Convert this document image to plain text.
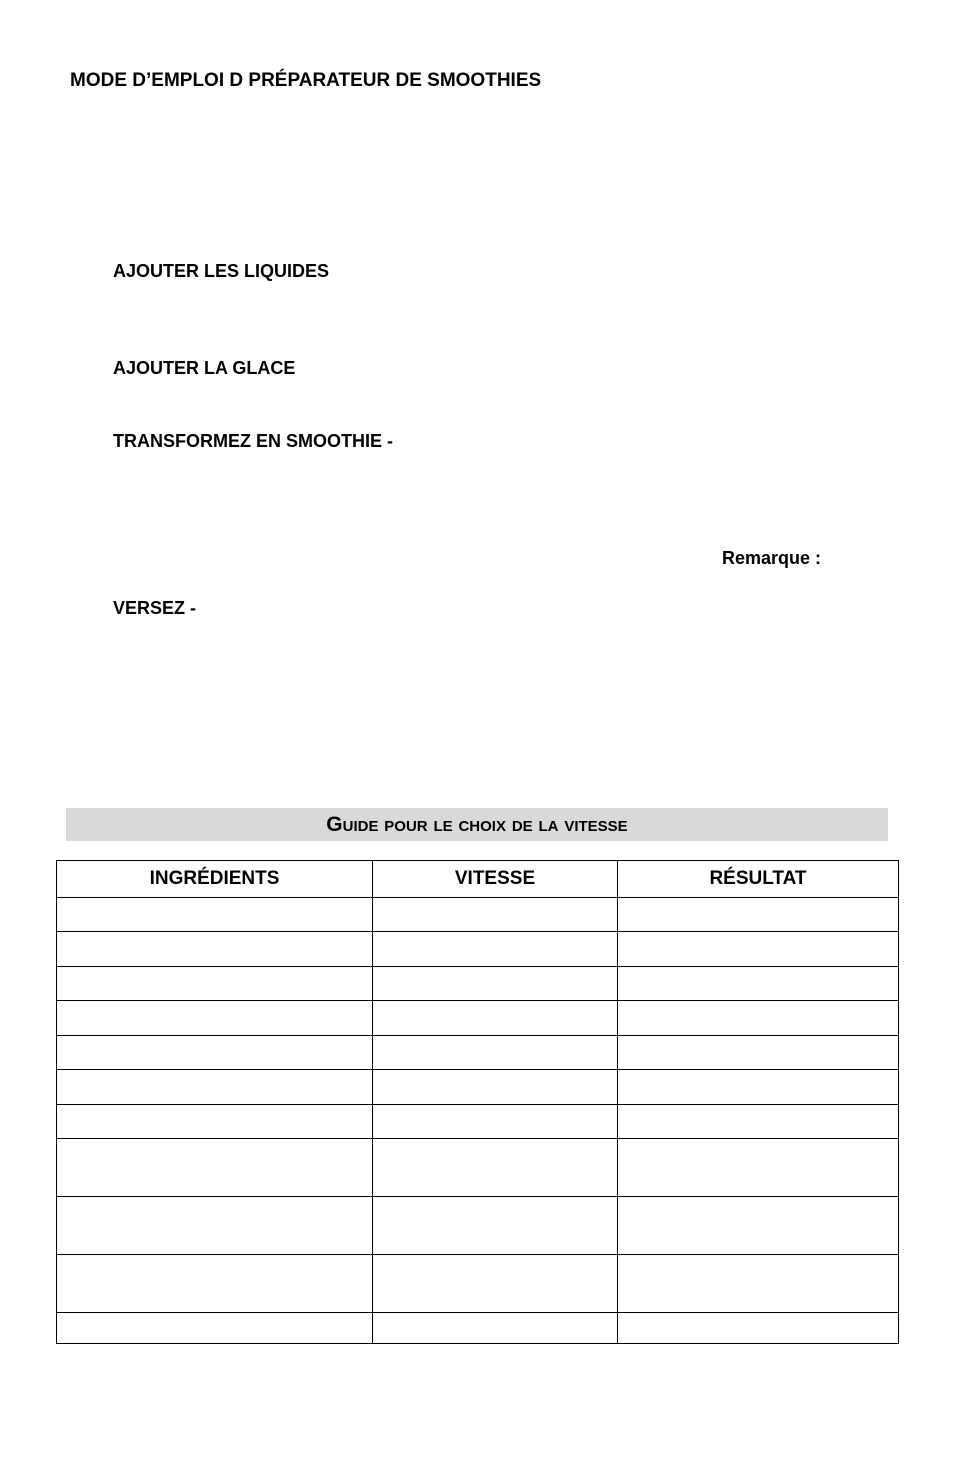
MODE D’EMPLOI D PRÉPARATEUR DE SMOOTHIES
AJOUTER LES LIQUIDES
AJOUTER LA GLACE
TRANSFORMEZ EN SMOOTHIE -
Remarque :
VERSEZ -
Guide pour le choix de la vitesse
INGRÉDIENTS	VITESSE	RÉSULTAT
